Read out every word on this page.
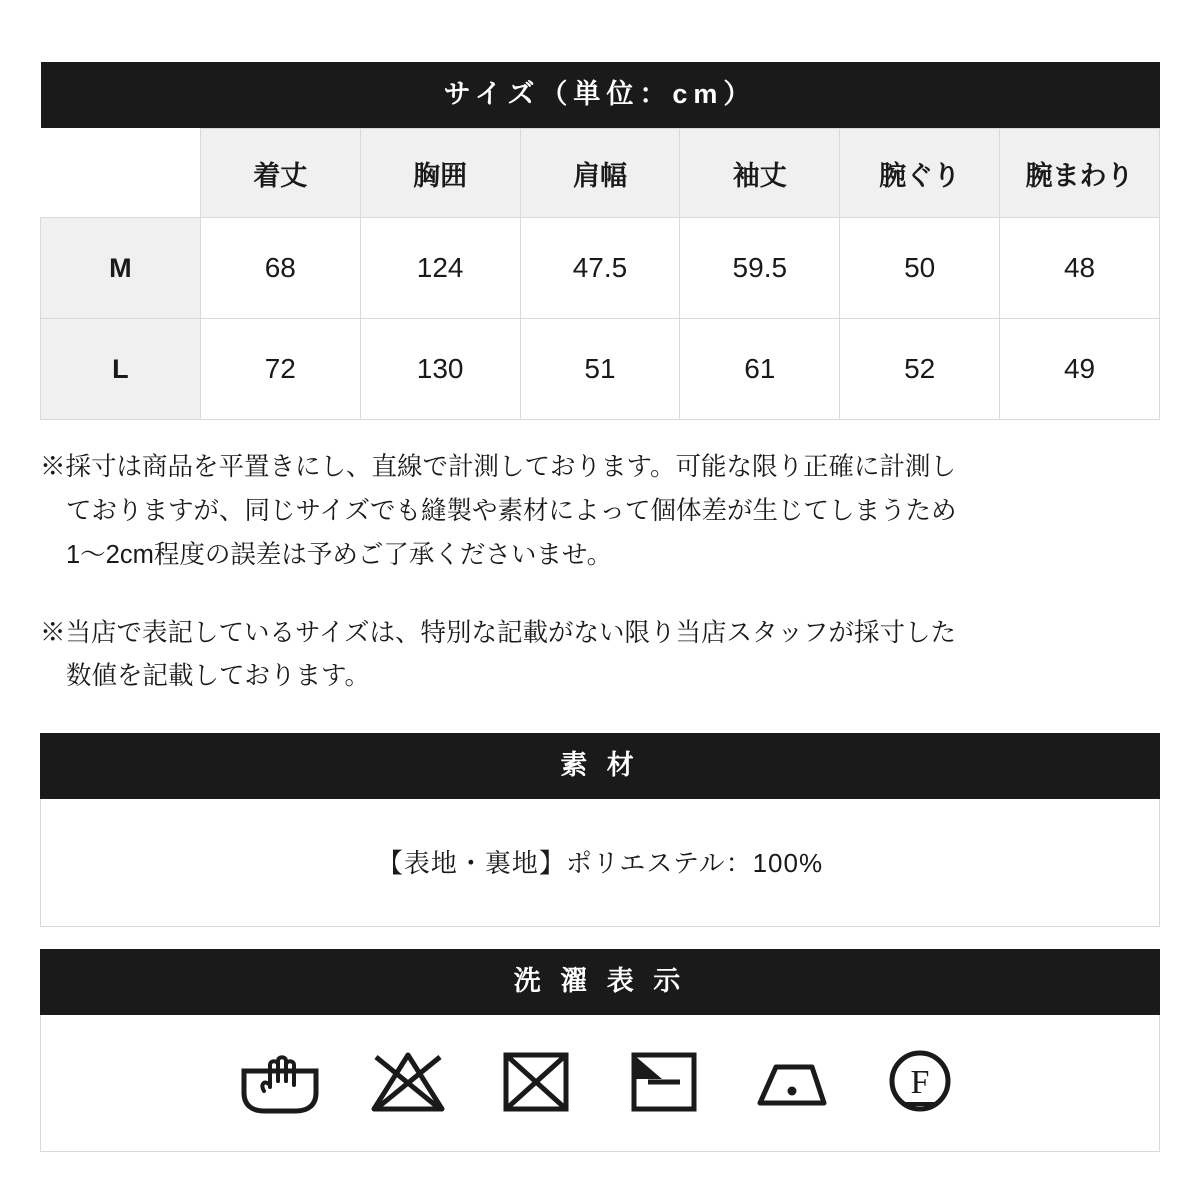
サイズ（単位：cm）						

	着丈	胸囲	肩幅	袖丈	腕ぐり	腕まわり
M	68	124	47.5	59.5	50	48
L	72	130	51	61	52	49
※採寸は商品を平置きにし、直線で計測しております。可能な限り正確に計測し
ておりますが、同じサイズでも縫製や素材によって個体差が生じてしまうため
1〜2cm程度の誤差は予めご了承くださいませ。
※当店で表記しているサイズは、特別な記載がない限り当店スタッフが採寸した
数値を記載しております。
素 材
【表地・裏地】ポリエステル：100%
洗 濯 表 示
F
